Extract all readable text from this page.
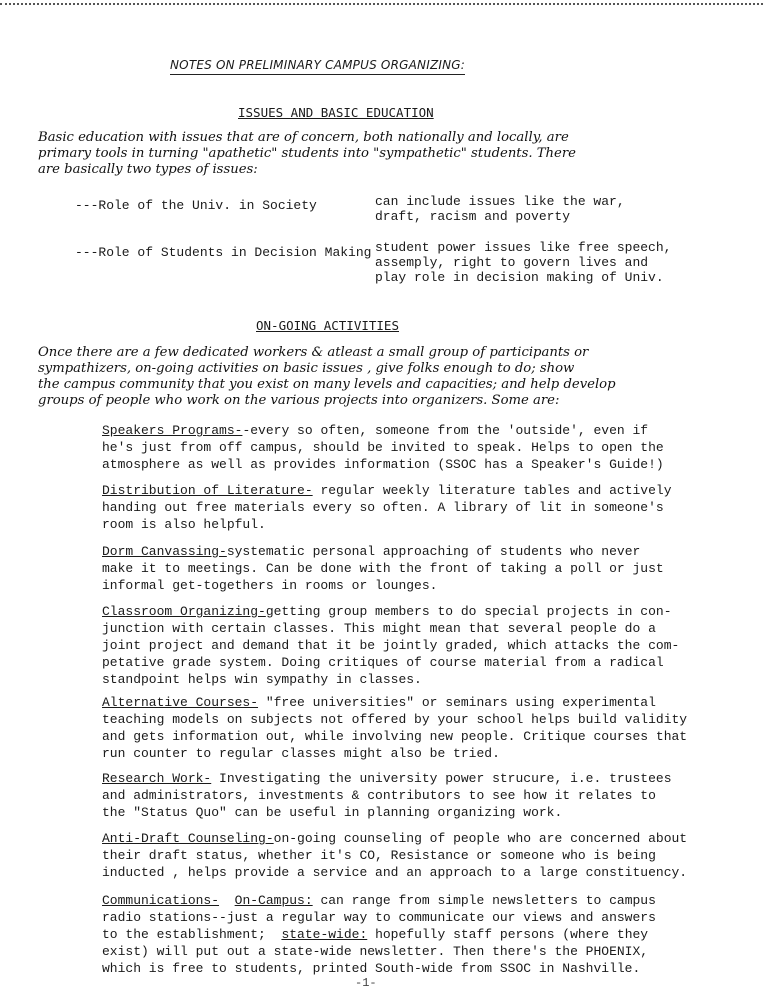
NOTES ON PRELIMINARY CAMPUS ORGANIZING:
ISSUES AND BASIC EDUCATION

Basic education with issues that are of concern, both nationally and locally, are
primary tools in turning "apathetic" students into "sympathetic" students. There
are basically two types of issues:

---Role of the Univ. in Society	can include issues like the war,
draft, racism and poverty

---Role of Students in Decision Making student power issues like free speech,
assemply, right to govern lives and
play role in decision making of Univ.

ON-GOING ACTIVITIES

Once there are a few dedicated workers & atleast a small group of participants or
sympathizers, on-going activities on basic issues , give folks enough to do; show
the campus community that you exist on many levels and capacities; and help develop
groups of people who work on the various projects into organizers. Some are:

Speakers Programs--every so often, someone from the 'outside', even if
he's just from off campus, should be invited to speak. Helps to open the
atmosphere as well as provides information (SSOC has a Speaker's Guide!)

Distribution of Literature- regular weekly literature tables and actively
handing out free materials every so often. A library of lit in someone's
room is also helpful.

Dorm Canvassing-systematic personal approaching of students who never
make it to meetings. Can be done with the front of taking a poll or just
informal get-togethers in rooms or lounges.

Classroom Organizing-getting group members to do special projects in con-
junction with certain classes. This might mean that several people do a
joint project and demand that it be jointly graded, which attacks the com-
petative grade system. Doing critiques of course material from a radical
standpoint helps win sympathy in classes.

Alternative Courses- "free universities" or seminars using experimental
teaching models on subjects not offered by your school helps build validity
and gets information out, while involving new people. Critique courses that
run counter to regular classes might also be tried.

Research Work- Investigating the university power strucure, i.e. trustees
and administrators, investments & contributors to see how it relates to
the "Status Quo" can be useful in planning organizing work.

Anti-Draft Counseling-on-going counseling of people who are concerned about
their draft status, whether it's CO, Resistance or someone who is being
inducted , helps provide a service and an approach to a large constituency.

Communications- On-Campus: can range from simple newsletters to campus
radio stations--just a regular way to communicate our views and answers
to the establishment;  state-wide: hopefully staff persons (where they
exist) will put out a state-wide newsletter. Then there's the PHOENIX,
which is free to students, printed South-wide from SSOC in Nashville.

-1-
